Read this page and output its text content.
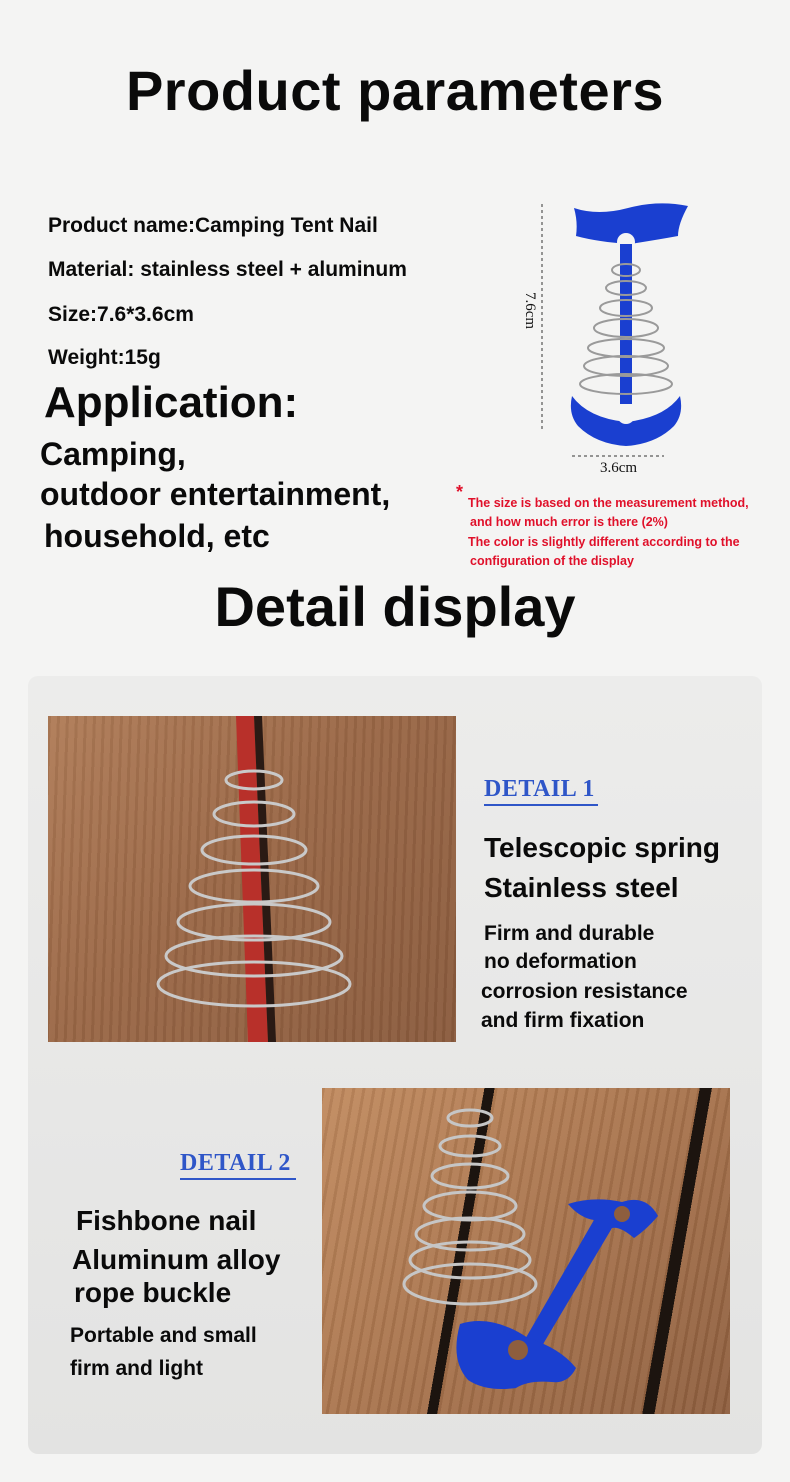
Product parameters
Product name:Camping Tent Nail
Material: stainless steel + aluminum
Size:7.6*3.6cm
Weight:15g
Application:
Camping,
outdoor entertainment,
household, etc
7.6cm
3.6cm
*
The size is based on the measurement method,
and how much error is there (2%)
The color is slightly different according to the
configuration of the display
Detail display
DETAIL 1
Telescopic spring
Stainless steel
Firm and durable
no deformation
corrosion resistance
and firm fixation
DETAIL 2
Fishbone nail
Aluminum alloy
rope buckle
Portable and small
firm and light
